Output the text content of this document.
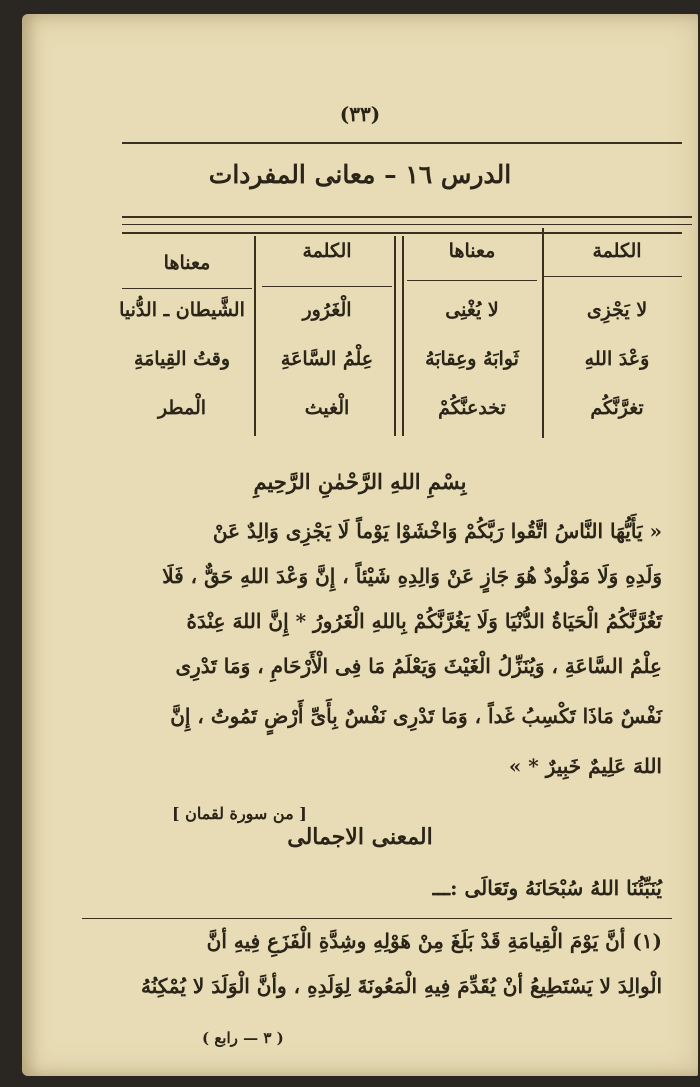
(٣٣)
الدرس ١٦ – معانى المفردات
الكلمة
معناها
الكلمة
معناها
لا يَجْزِى
لا يُغْنِى
الْغَرُور
الشَّيطان ـ الدُّنيا
وَعْدَ اللهِ
ثَوابَهُ وعِقابَهُ
عِلْمُ السَّاعَةِ
وقتُ القِيامَةِ
تغرَّنَّكُم
تخدعنَّكُمْ
الْغيث
الْمطر
بِسْمِ اللهِ الرَّحْمٰنِ الرَّحِيمِ
« يَأَيُّهَا النَّاسُ اتَّقُوا رَبَّكُمْ وَاخْشَوْا يَوْماً لَا يَجْزِى وَالِدٌ عَنْ
وَلَدِهِ وَلَا مَوْلُودٌ هُوَ جَازٍ عَنْ وَالِدِهِ شَيْئاً ، إِنَّ وَعْدَ اللهِ حَقٌّ ، فَلَا
تَغُرَّنَّكُمُ الْحَيَاةُ الدُّنْيَا وَلَا يَغُرَّنَّكُمْ بِاللهِ الْغَرُورُ * إِنَّ اللهَ عِنْدَهُ
عِلْمُ السَّاعَةِ ، وَيُنَزِّلُ الْغَيْثَ وَيَعْلَمُ مَا فِى الْأَرْحَامِ ، وَمَا تَدْرِى
نَفْسٌ مَاذَا تَكْسِبُ غَداً ، وَمَا تَدْرِى نَفْسٌ بِأَىِّ أَرْضٍ تَمُوتُ ، إِنَّ
اللهَ عَلِيمٌ خَبِيرٌ * »
[ من سورة لقمان ]
المعنى الاجمالى
يُنَبِّئُنَا اللهُ سُبْحَانَهُ وتَعَالَى :ـــ
(١) أنَّ يَوْمَ الْقِيامَةِ قَدْ بَلَغَ مِنْ هَوْلِهِ وشِدَّةِ الْفَزَعِ فِيهِ أنَّ
الْوالِدَ لا يَسْتَطِيعُ أنْ يُقَدِّمَ فِيهِ الْمَعُونَةَ لِوَلَدِهِ ، وأنَّ الْوَلَدَ لا يُمْكِنُهُ
( ٣ — رابع )
